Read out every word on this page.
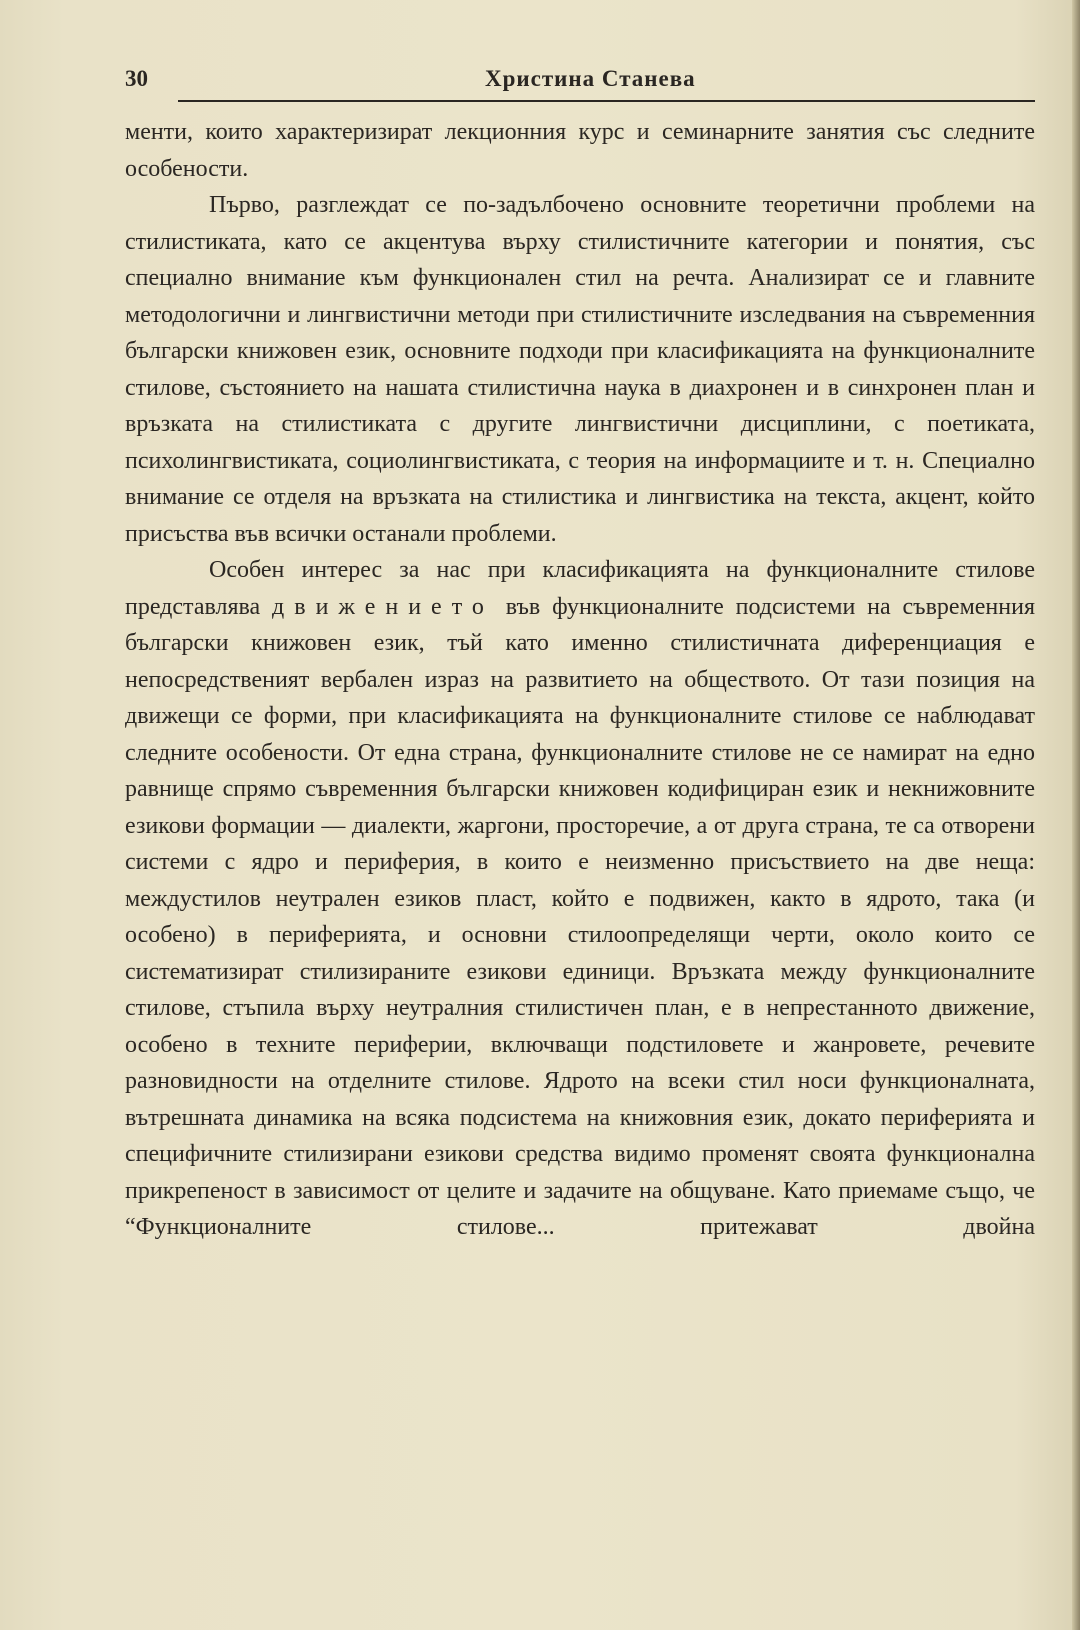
30	Христина Станева

менти, които характеризират лекционния курс и семинарните занятия със следните особености.

Първо, разглеждат се по-задълбочено основните теоретични проблеми на стилистиката, като се акцентува върху стилистичните категории и понятия, със специално внимание към функционален стил на речта. Анализират се и главните методологични и лингвистични методи при стилистичните изследвания на съвременния български книжовен език, основните подходи при класификацията на функционалните стилове, състоянието на нашата стилистична наука в диахронен и в синхронен план и връзката на стилистиката с другите лингвистични дисциплини, с поетиката, психолингвистиката, социолингвистиката, с теория на информациите и т. н. Специално внимание се отделя на връзката на стилистика и лингвистика на текста, акцент, който присъства във всички останали проблеми.

Особен интерес за нас при класификацията на функционалните стилове представлява движението във функционалните подсистеми на съвременния български книжовен език, тъй като именно стилистичната диференциация е непосредственият вербален израз на развитието на обществото. От тази позиция на движещи се форми, при класификацията на функционалните стилове се наблюдават следните особености. От една страна, функционалните стилове не се намират на едно равнище спрямо съвременния български книжовен кодифициран език и некнижовните езикови формации — диалекти, жаргони, просторечие, а от друга страна, те са отворени системи с ядро и периферия, в които е неизменно присъствието на две неща: междустилов неутрален езиков пласт, който е подвижен, както в ядрото, така (и особено) в периферията, и основни стилоопределящи черти, около които се систематизират стилизираните езикови единици. Връзката между функционалните стилове, стъпила върху неутралния стилистичен план, е в непрестанното движение, особено в техните периферии, включващи подстиловете и жанровете, речевите разновидности на отделните стилове. Ядрото на всеки стил носи функционалната, вътрешната динамика на всяка подсистема на книжовния език, докато периферията и специфичните стилизирани езикови средства видимо променят своята функционална прикрепеност в зависимост от целите и задачите на общуване. Като приемаме също, че “Функционалните стилове... притежават двойна
